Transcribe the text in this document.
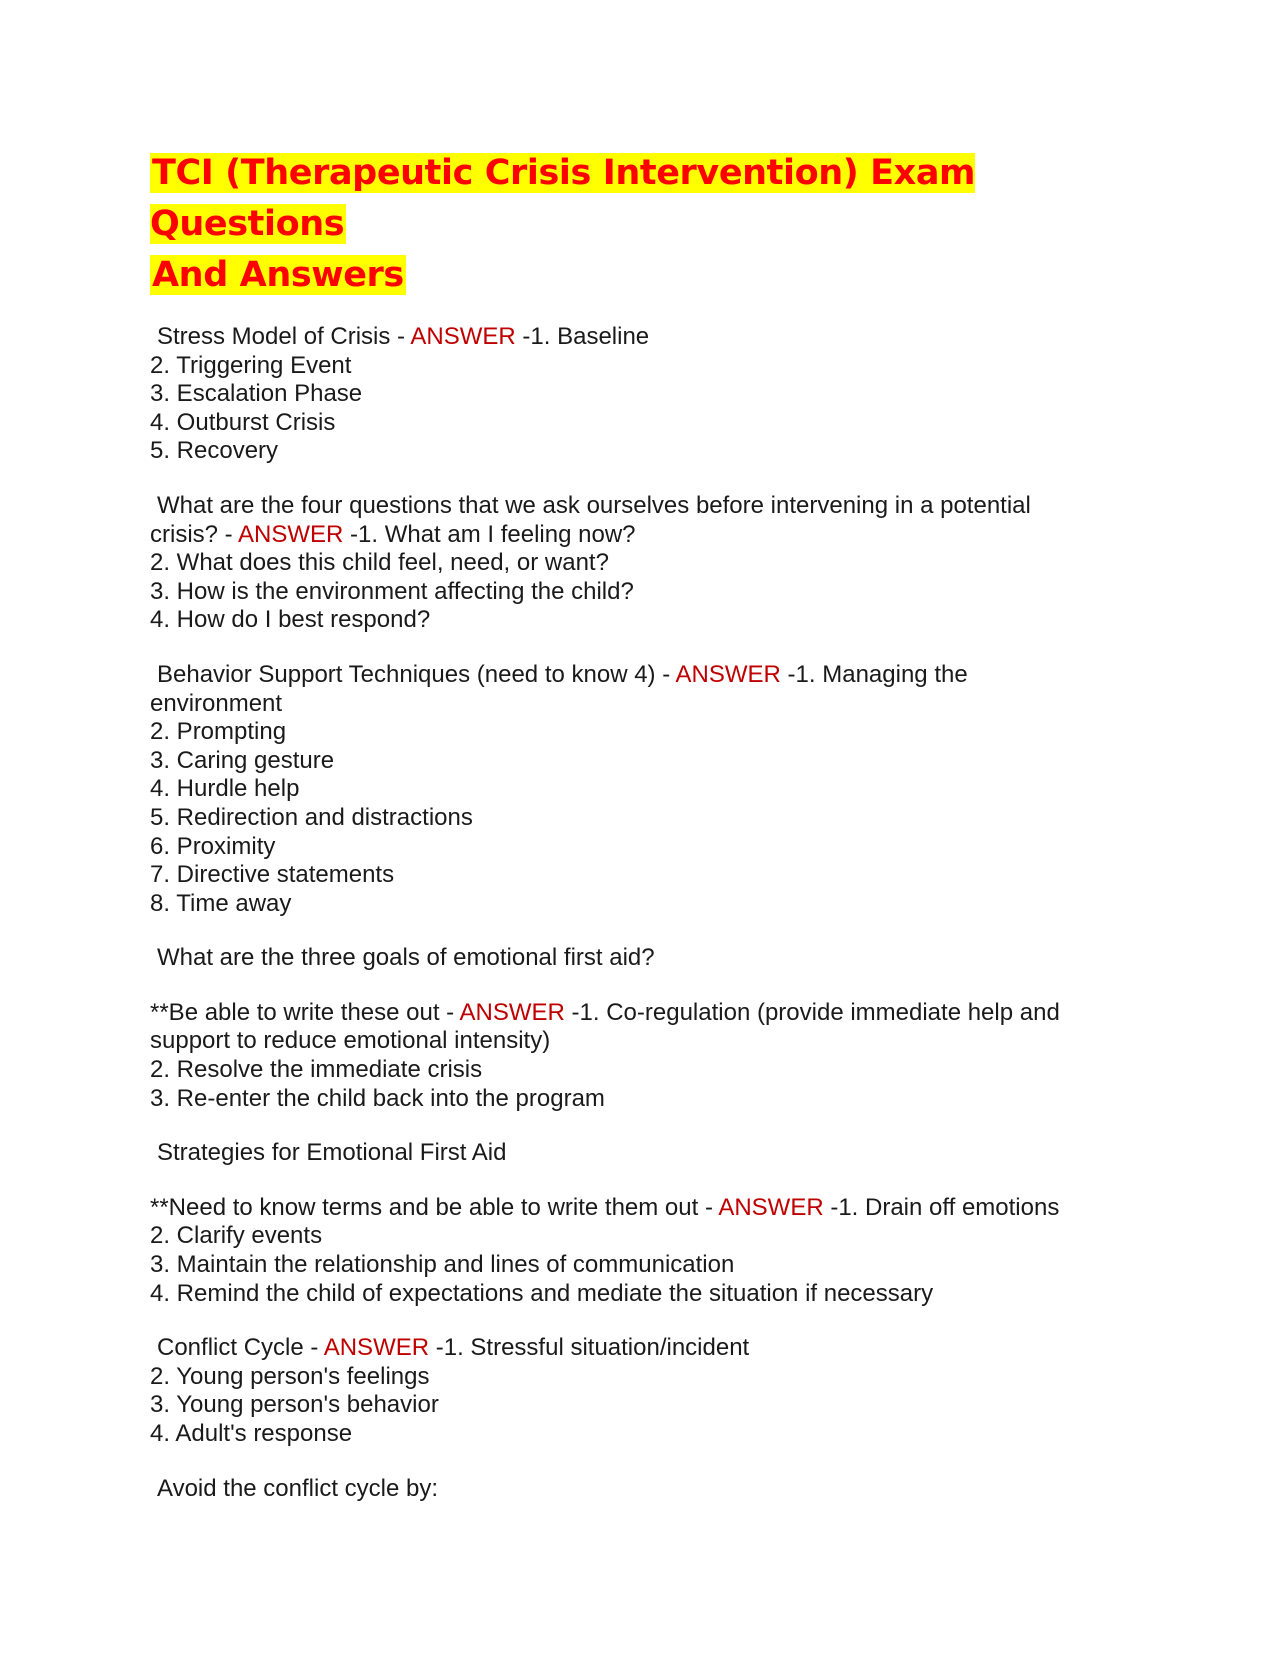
TCI (Therapeutic Crisis Intervention) Exam Questions
And Answers

Stress Model of Crisis - ANSWER -1. Baseline

2. Triggering Event

3. Escalation Phase

4. Outburst Crisis

5. Recovery

What are the four questions that we ask ourselves before intervening in a potential

crisis? - ANSWER -1. What am I feeling now?

2. What does this child feel, need, or want?

3. How is the environment affecting the child?

4. How do I best respond?

Behavior Support Techniques (need to know 4) - ANSWER -1. Managing the

environment

2. Prompting

3. Caring gesture

4. Hurdle help

5. Redirection and distractions

6. Proximity

7. Directive statements

8. Time away

What are the three goals of emotional first aid?

**Be able to write these out - ANSWER -1. Co-regulation (provide immediate help and

support to reduce emotional intensity)

2. Resolve the immediate crisis

3. Re-enter the child back into the program

Strategies for Emotional First Aid

**Need to know terms and be able to write them out - ANSWER -1. Drain off emotions

2. Clarify events

3. Maintain the relationship and lines of communication

4. Remind the child of expectations and mediate the situation if necessary

Conflict Cycle - ANSWER -1. Stressful situation/incident

2. Young person's feelings

3. Young person's behavior

4. Adult's response

Avoid the conflict cycle by:
